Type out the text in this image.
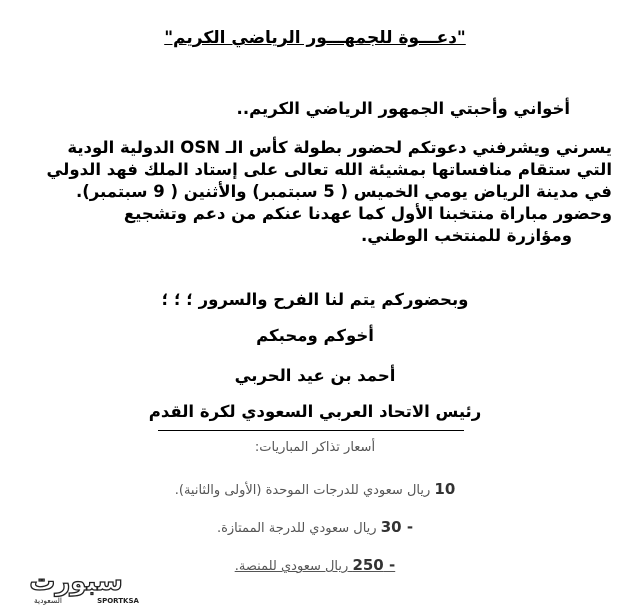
"دعـــوة للجمهـــور الرياضي الكريم"
أخواني وأحبتي الجمهور الرياضي الكريم..

يسرني ويشرفني دعوتكم لحضور بطولة كأس الـ OSN الدولية الودية

التي ستقام منافساتها بمشيئة الله تعالى على إستاد الملك فهد الدولي

في مدينة الرياض يومي الخميس ( 5 سبتمبر) والأثنين ( 9 سبتمبر).

وحضور مباراة منتخبنا الأول كما عهدنا عنكم من دعم وتشجيع

ومؤازرة للمنتخب الوطني.

وبحضوركم يتم لنا الفرح والسرور ؛ ؛ ؛
أخوكم ومحبكم
أحمد بن عيد الحربي
رئيس الاتحاد العربي السعودي لكرة القدم
أسعار تذاكر المباريات:
10 ريال سعودي للدرجات الموحدة (الأولى والثانية).
- 30 ريال سعودي للدرجة الممتازة.
- 250 ريال سعودي للمنصة.
سبورت
السعودية	SPORTKSA
